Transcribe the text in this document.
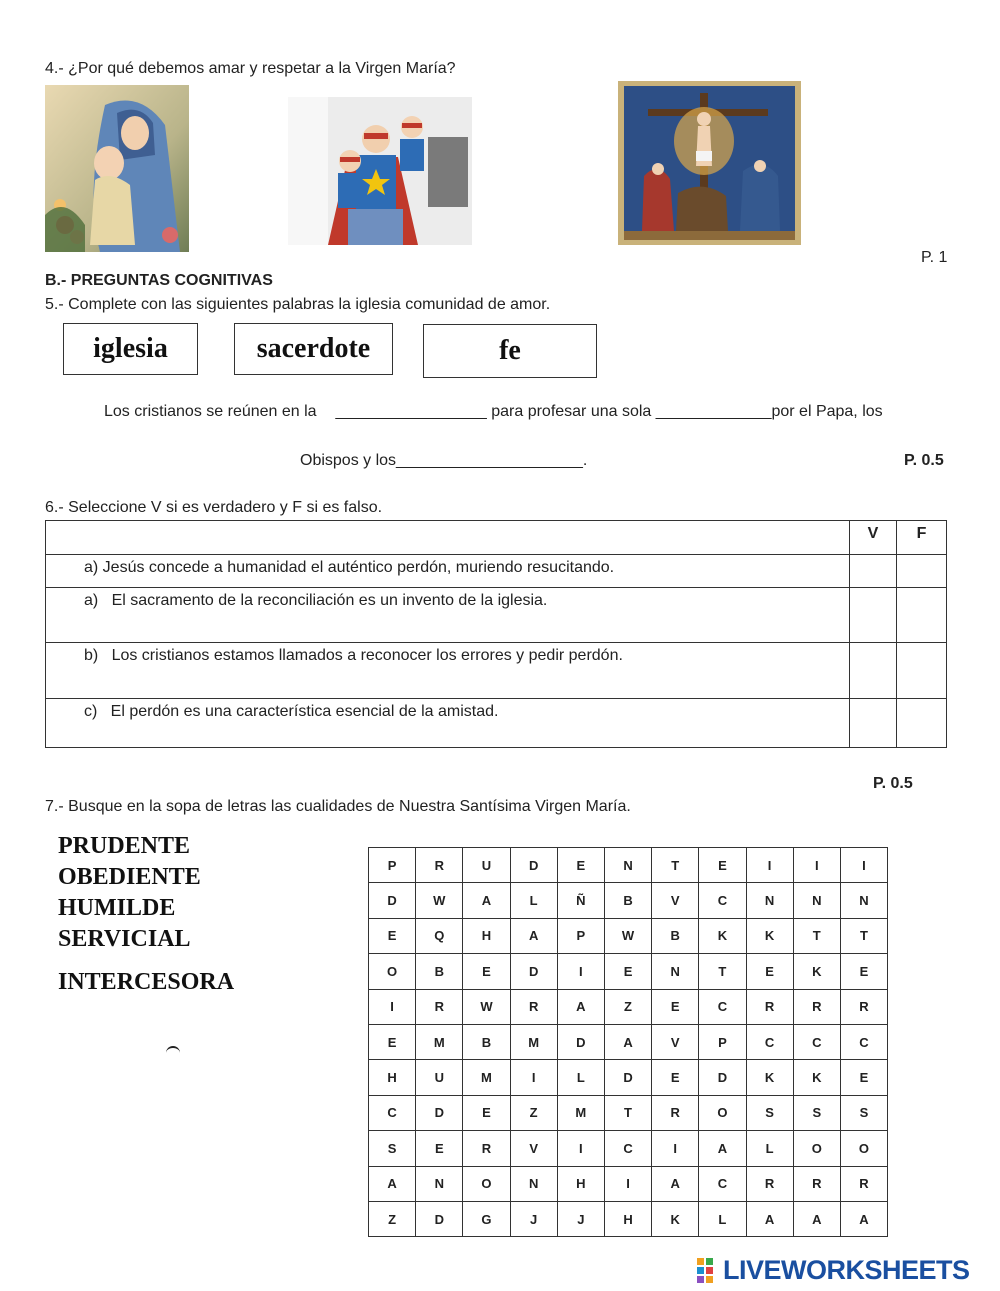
4.- ¿Por qué debemos amar y respetar a la Virgen María?
P. 1
B.- PREGUNTAS COGNITIVAS
5.- Complete con las siguientes palabras la iglesia comunidad de amor.
iglesia	sacerdote	fe
Los cristianos se reúnen en la _________________ para profesar una sola _____________por el Papa, los
Obispos y los_____________________.	P. 0.5
6.- Seleccione V si es verdadero y F si es falso.
	V	F
a) Jesús concede a humanidad el auténtico perdón, muriendo resucitando.		
a)   El sacramento de la reconciliación es un invento de la iglesia.		
b)   Los cristianos estamos llamados a reconocer los errores y pedir perdón.		
c)   El perdón es una característica esencial de la amistad.		
P. 0.5
7.- Busque en la sopa de letras las cualidades de Nuestra Santísima Virgen María.
PRUDENTE
OBEDIENTE
HUMILDE
SERVICIAL
INTERCESORA
P	R	U	D	E	N	T	E	I	I	I
D	W	A	L	Ñ	B	V	C	N	N	N
E	Q	H	A	P	W	B	K	K	T	T
O	B	E	D	I	E	N	T	E	K	E
I	R	W	R	A	Z	E	C	R	R	R
E	M	B	M	D	A	V	P	C	C	C
H	U	M	I	L	D	E	D	K	K	E
C	D	E	Z	M	T	R	O	S	S	S
S	E	R	V	I	C	I	A	L	O	O
A	N	O	N	H	I	A	C	R	R	R
Z	D	G	J	J	H	K	L	A	A	A
LIVEWORKSHEETS
